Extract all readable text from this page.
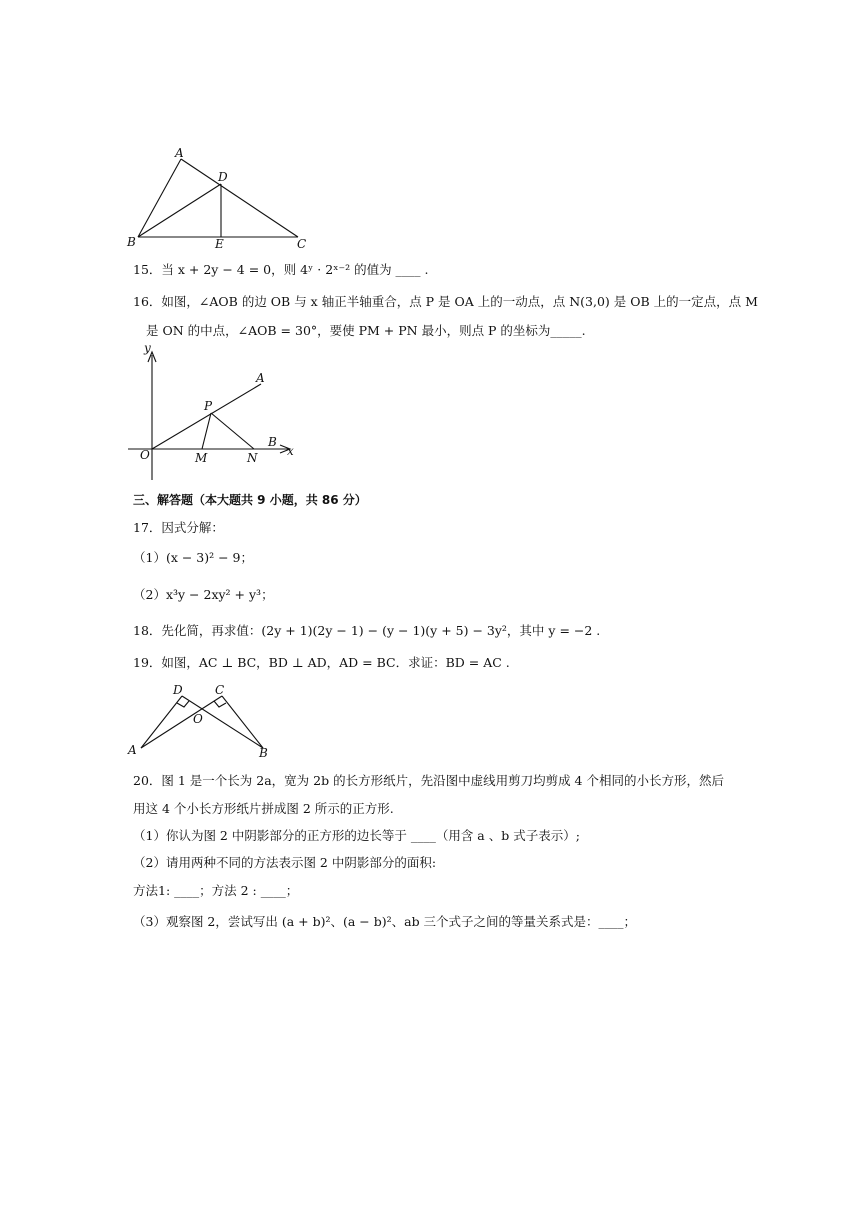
A
D
B	E	C
15．当 x + 2y − 4 = 0，则 4ʸ · 2ˣ⁻² 的值为 ____ .
16．如图，∠AOB 的边 OB 与 x 轴正半轴重合，点 P 是 OA 上的一动点，点 N(3,0) 是 OB 上的一定点，点 M
是 ON 的中点，∠AOB = 30°，要使 PM + PN 最小，则点 P 的坐标为_____.
y
A
P
B
x
O	M	N
三、解答题（本大题共 9 小题，共 86 分）
17．因式分解：
（1）(x − 3)² − 9；
（2）x³y − 2xy² + y³；
18．先化简，再求值：(2y + 1)(2y − 1) − (y − 1)(y + 5) − 3y²，其中 y = −2 .
19．如图，AC ⊥ BC，BD ⊥ AD，AD = BC．求证：BD = AC .
D	C
O
A	B
20．图 1 是一个长为 2a，宽为 2b 的长方形纸片，先沿图中虚线用剪刀均剪成 4 个相同的小长方形，然后
用这 4 个小长方形纸片拼成图 2 所示的正方形.
（1）你认为图 2 中阴影部分的正方形的边长等于 ____（用含 a 、b 式子表示）;
（2）请用两种不同的方法表示图 2 中阴影部分的面积:
方法1: ____；方法 2 : ____；
（3）观察图 2，尝试写出 (a + b)²、(a − b)²、ab 三个式子之间的等量关系式是：____；
